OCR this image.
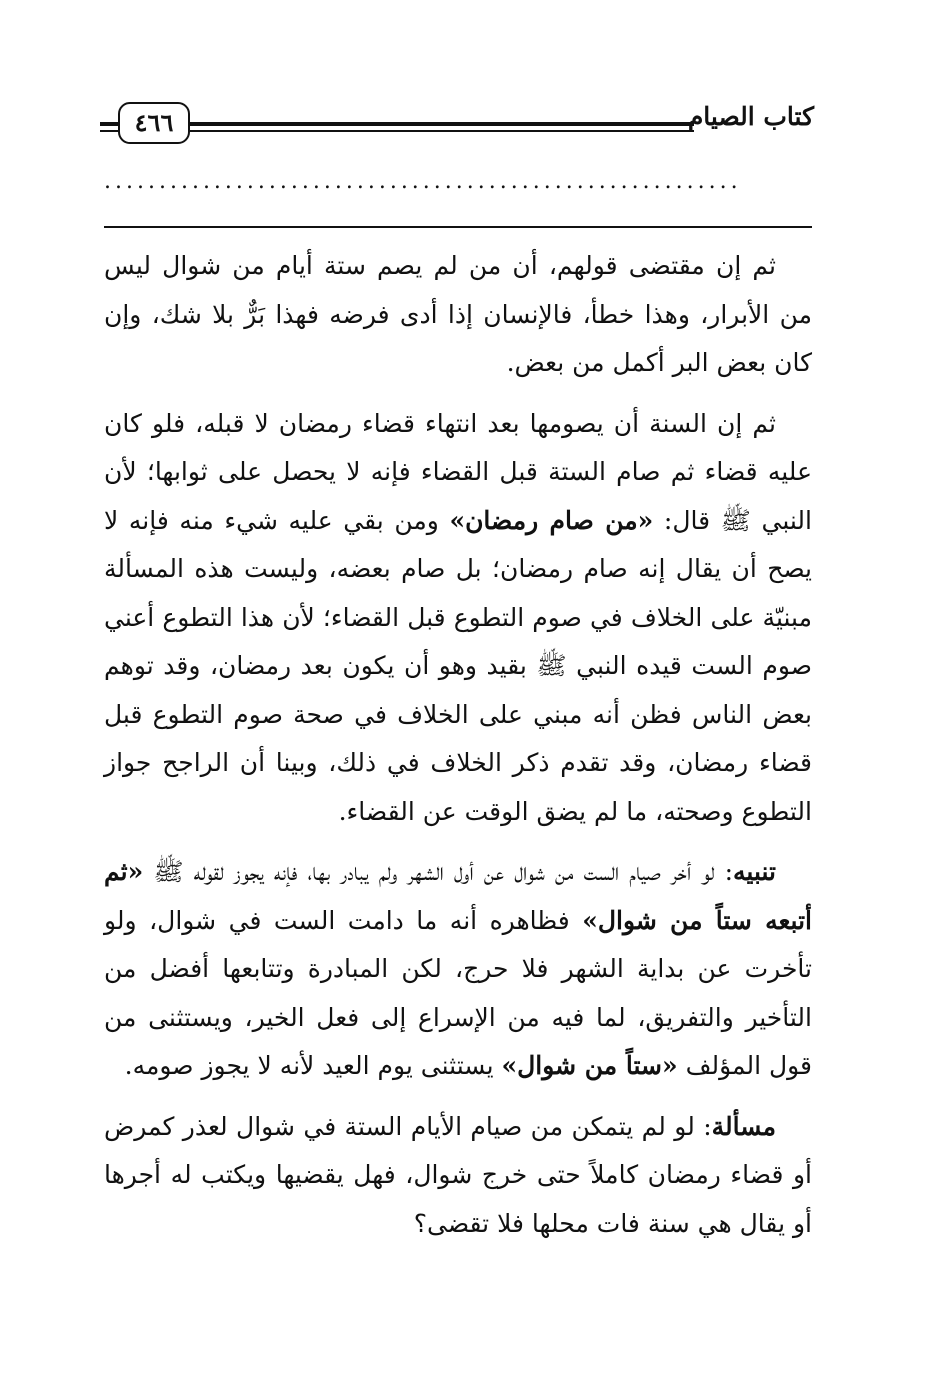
كتاب الصيام
٤٦٦
..........................................................

ثم إن مقتضى قولهم، أن من لم يصم ستة أيام من شوال ليس من الأبرار، وهذا خطأ، فالإنسان إذا أدى فرضه فهذا بَرٌّ بلا شك، وإن كان بعض البر أكمل من بعض.

ثم إن السنة أن يصومها بعد انتهاء قضاء رمضان لا قبله، فلو كان عليه قضاء ثم صام الستة قبل القضاء فإنه لا يحصل على ثوابها؛ لأن النبي ﷺ قال: «من صام رمضان» ومن بقي عليه شيء منه فإنه لا يصح أن يقال إنه صام رمضان؛ بل صام بعضه، وليست هذه المسألة مبنيّة على الخلاف في صوم التطوع قبل القضاء؛ لأن هذا التطوع أعني صوم الست قيده النبي ﷺ بقيد وهو أن يكون بعد رمضان، وقد توهم بعض الناس فظن أنه مبني على الخلاف في صحة صوم التطوع قبل قضاء رمضان، وقد تقدم ذكر الخلاف في ذلك، وبينا أن الراجح جواز التطوع وصحته، ما لم يضق الوقت عن القضاء.

تنبيه: لو أخر صيام الست من شوال عن أول الشهر ولم يبادر بها، فإنه يجوز لقوله ﷺ «ثم أتبعه ستاً من شوال» فظاهره أنه ما دامت الست في شوال، ولو تأخرت عن بداية الشهر فلا حرج، لكن المبادرة وتتابعها أفضل من التأخير والتفريق، لما فيه من الإسراع إلى فعل الخير، ويستثنى من قول المؤلف «ستاً من شوال» يستثنى يوم العيد لأنه لا يجوز صومه.

مسألة: لو لم يتمكن من صيام الأيام الستة في شوال لعذر كمرض أو قضاء رمضان كاملاً حتى خرج شوال، فهل يقضيها ويكتب له أجرها أو يقال هي سنة فات محلها فلا تقضى؟
